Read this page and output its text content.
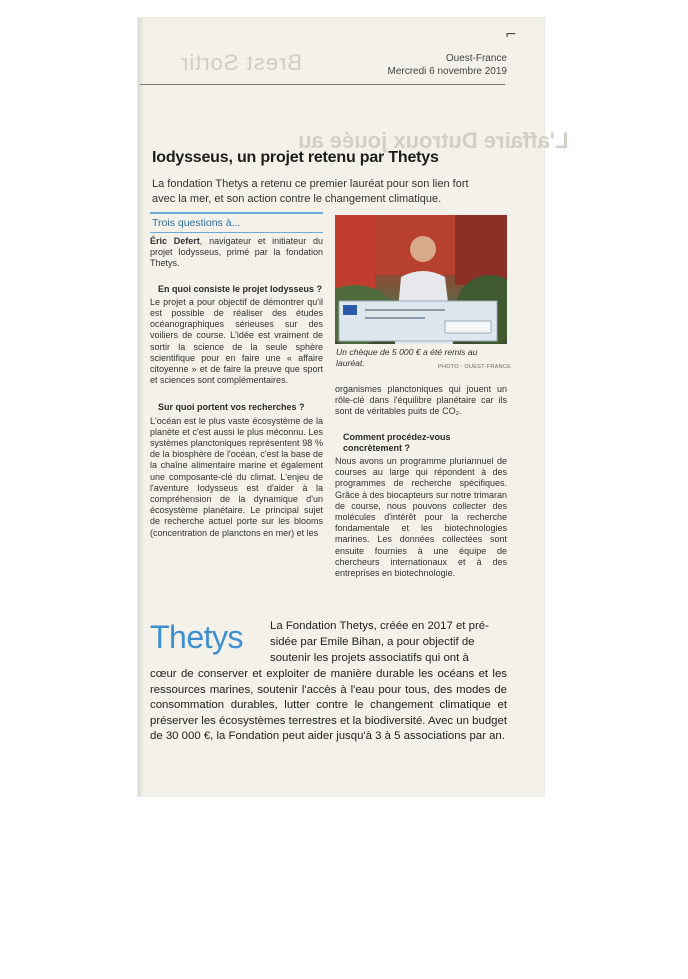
⌐
Brest Sortir	Ouest-France
Mercredi 6 novembre 2019
L'affaire Dutroux jouée au
Iodysseus, un projet retenu par Thetys

La fondation Thetys a retenu ce premier lauréat pour son lien fort avec la mer, et son action contre le changement climatique.

Trois questions à...

Éric Defert, navigateur et initiateur du projet Iodysseus, primé par la fondation Thetys.

En quoi consiste le projet Iodysseus ?

Le projet a pour objectif de démontrer qu'il est possible de réaliser des études océanographiques sérieuses sur des voiliers de course. L'idée est vraiment de sortir la science de la seule sphère scientifique pour en faire une « affaire citoyenne » et de faire la preuve que sport et sciences sont complémentaires.

Sur quoi portent vos recherches ?

L'océan est le plus vaste écosystème de la planète et c'est aussi le plus méconnu. Les systèmes planctoniques représentent 98 % de la biosphère de l'océan, c'est la base de la chaîne alimentaire marine et également une composante-clé du climat. L'enjeu de l'aventure Iodysseus est d'aider à la compréhension de la dynamique d'un écosystème planétaire. Le principal sujet de recherche actuel porte sur les blooms (concentration de planctons en mer) et les

Un chèque de 5 000 € a été remis au lauréat.	PHOTO : OUEST-FRANCE

organismes planctoniques qui jouent un rôle-clé dans l'équilibre planétaire car ils sont de véritables puits de CO₂.

Comment procédez-vous concrètement ?

Nous avons un programme pluriannuel de courses au large qui répondent à des programmes de recherche spécifiques. Grâce à des biocapteurs sur notre trimaran de course, nous pouvons collecter des molécules d'intérêt pour la recherche fondamentale et les biotechnologies marines. Les données collectées sont ensuite fournies à une équipe de chercheurs internationaux et à des entreprises en biotechnologie.

Thetys La Fondation Thetys, créée en 2017 et pré-

sidée par Emile Bihan, a pour objectif de

soutenir les projets associatifs qui ont à

cœur de conserver et exploiter de manière durable les océans et les ressources marines, soutenir l'accès à l'eau pour tous, des modes de consommation durables, lutter contre le changement climatique et préserver les écosystèmes terrestres et la biodiversité. Avec un budget de 30 000 €, la Fondation peut aider jusqu'à 3 à 5 associations par an.
